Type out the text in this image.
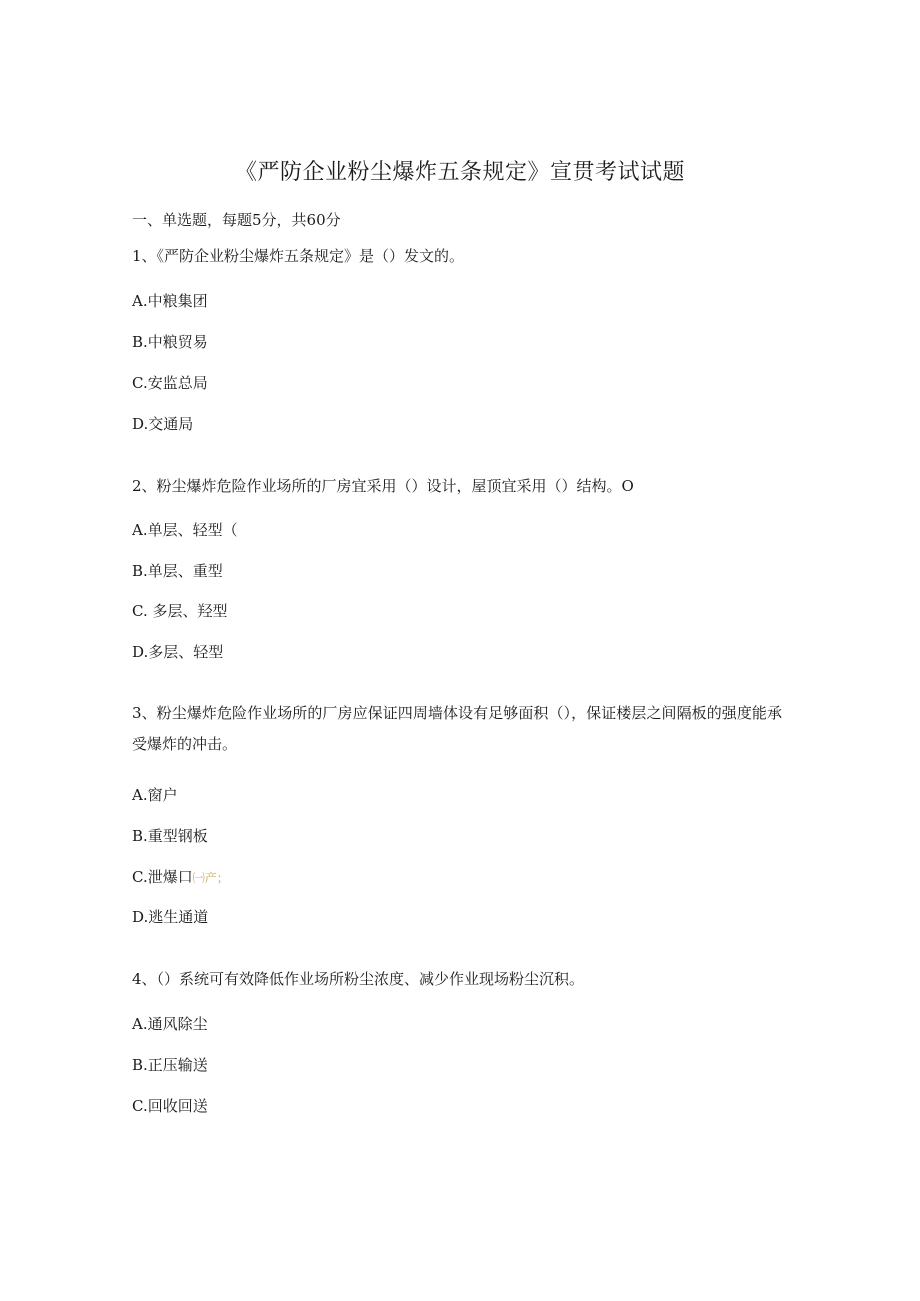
《严防企业粉尘爆炸五条规定》宣贯考试试题
一、单选题，每题5分，共60分
1、《严防企业粉尘爆炸五条规定》是（）发文的。
A.中粮集团
B.中粮贸易
C.安监总局
D.交通局
2、粉尘爆炸危险作业场所的厂房宜采用（）设计，屋顶宜采用（）结构。O
A.单层、轻型（
B.单层、重型
C. 多层、羟型
D.多层、轻型
3、粉尘爆炸危险作业场所的厂房应保证四周墙体设有足够面积（），保证楼层之间隔板的强度能承受爆炸的冲击。
A.窗户
B.重型钢板
C.泄爆口㈠产；
D.逃生通道
4、（）系统可有效降低作业场所粉尘浓度、减少作业现场粉尘沉积。
A.通风除尘
B.正压输送
C.回收回送
